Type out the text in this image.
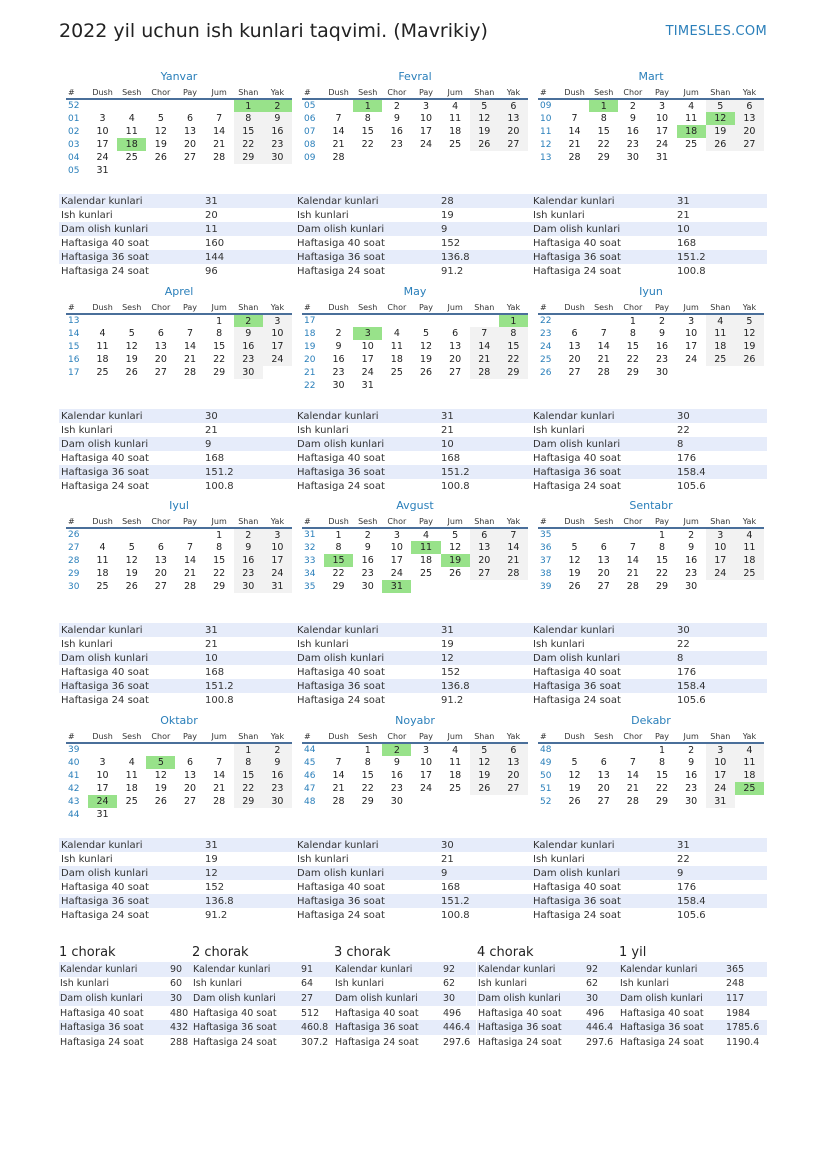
2022 yil uchun ish kunlari taqvimi. (Mavrikiy)	TIMESLES.COM
Yanvar
#	Dush	Sesh	Chor	Pay	Jum	Shan	Yak
52						1	2
01	3	4	5	6	7	8	9
02	10	11	12	13	14	15	16
03	17	18	19	20	21	22	23
04	24	25	26	27	28	29	30
05	31						
Kalendar kunlari	31
Ish kunlari	20
Dam olish kunlari	11
Haftasiga 40 soat	160
Haftasiga 36 soat	144
Haftasiga 24 soat	96
Fevral
#	Dush	Sesh	Chor	Pay	Jum	Shan	Yak
05		1	2	3	4	5	6
06	7	8	9	10	11	12	13
07	14	15	16	17	18	19	20
08	21	22	23	24	25	26	27
09	28						
Kalendar kunlari	28
Ish kunlari	19
Dam olish kunlari	9
Haftasiga 40 soat	152
Haftasiga 36 soat	136.8
Haftasiga 24 soat	91.2
Mart
#	Dush	Sesh	Chor	Pay	Jum	Shan	Yak
09		1	2	3	4	5	6
10	7	8	9	10	11	12	13
11	14	15	16	17	18	19	20
12	21	22	23	24	25	26	27
13	28	29	30	31			
Kalendar kunlari	31
Ish kunlari	21
Dam olish kunlari	10
Haftasiga 40 soat	168
Haftasiga 36 soat	151.2
Haftasiga 24 soat	100.8
Aprel
#	Dush	Sesh	Chor	Pay	Jum	Shan	Yak
13					1	2	3
14	4	5	6	7	8	9	10
15	11	12	13	14	15	16	17
16	18	19	20	21	22	23	24
17	25	26	27	28	29	30	
Kalendar kunlari	30
Ish kunlari	21
Dam olish kunlari	9
Haftasiga 40 soat	168
Haftasiga 36 soat	151.2
Haftasiga 24 soat	100.8
May
#	Dush	Sesh	Chor	Pay	Jum	Shan	Yak
17							1
18	2	3	4	5	6	7	8
19	9	10	11	12	13	14	15
20	16	17	18	19	20	21	22
21	23	24	25	26	27	28	29
22	30	31					
Kalendar kunlari	31
Ish kunlari	21
Dam olish kunlari	10
Haftasiga 40 soat	168
Haftasiga 36 soat	151.2
Haftasiga 24 soat	100.8
Iyun
#	Dush	Sesh	Chor	Pay	Jum	Shan	Yak
22			1	2	3	4	5
23	6	7	8	9	10	11	12
24	13	14	15	16	17	18	19
25	20	21	22	23	24	25	26
26	27	28	29	30			
Kalendar kunlari	30
Ish kunlari	22
Dam olish kunlari	8
Haftasiga 40 soat	176
Haftasiga 36 soat	158.4
Haftasiga 24 soat	105.6
Iyul
#	Dush	Sesh	Chor	Pay	Jum	Shan	Yak
26					1	2	3
27	4	5	6	7	8	9	10
28	11	12	13	14	15	16	17
29	18	19	20	21	22	23	24
30	25	26	27	28	29	30	31
Kalendar kunlari	31
Ish kunlari	21
Dam olish kunlari	10
Haftasiga 40 soat	168
Haftasiga 36 soat	151.2
Haftasiga 24 soat	100.8
Avgust
#	Dush	Sesh	Chor	Pay	Jum	Shan	Yak
31	1	2	3	4	5	6	7
32	8	9	10	11	12	13	14
33	15	16	17	18	19	20	21
34	22	23	24	25	26	27	28
35	29	30	31				
Kalendar kunlari	31
Ish kunlari	19
Dam olish kunlari	12
Haftasiga 40 soat	152
Haftasiga 36 soat	136.8
Haftasiga 24 soat	91.2
Sentabr
#	Dush	Sesh	Chor	Pay	Jum	Shan	Yak
35				1	2	3	4
36	5	6	7	8	9	10	11
37	12	13	14	15	16	17	18
38	19	20	21	22	23	24	25
39	26	27	28	29	30		
Kalendar kunlari	30
Ish kunlari	22
Dam olish kunlari	8
Haftasiga 40 soat	176
Haftasiga 36 soat	158.4
Haftasiga 24 soat	105.6
Oktabr
#	Dush	Sesh	Chor	Pay	Jum	Shan	Yak
39						1	2
40	3	4	5	6	7	8	9
41	10	11	12	13	14	15	16
42	17	18	19	20	21	22	23
43	24	25	26	27	28	29	30
44	31						
Kalendar kunlari	31
Ish kunlari	19
Dam olish kunlari	12
Haftasiga 40 soat	152
Haftasiga 36 soat	136.8
Haftasiga 24 soat	91.2
Noyabr
#	Dush	Sesh	Chor	Pay	Jum	Shan	Yak
44		1	2	3	4	5	6
45	7	8	9	10	11	12	13
46	14	15	16	17	18	19	20
47	21	22	23	24	25	26	27
48	28	29	30				
Kalendar kunlari	30
Ish kunlari	21
Dam olish kunlari	9
Haftasiga 40 soat	168
Haftasiga 36 soat	151.2
Haftasiga 24 soat	100.8
Dekabr
#	Dush	Sesh	Chor	Pay	Jum	Shan	Yak
48				1	2	3	4
49	5	6	7	8	9	10	11
50	12	13	14	15	16	17	18
51	19	20	21	22	23	24	25
52	26	27	28	29	30	31	
Kalendar kunlari	31
Ish kunlari	22
Dam olish kunlari	9
Haftasiga 40 soat	176
Haftasiga 36 soat	158.4
Haftasiga 24 soat	105.6
1 chorak
Kalendar kunlari	90
Ish kunlari	60
Dam olish kunlari	30
Haftasiga 40 soat	480
Haftasiga 36 soat	432
Haftasiga 24 soat	288
2 chorak
Kalendar kunlari	91
Ish kunlari	64
Dam olish kunlari	27
Haftasiga 40 soat	512
Haftasiga 36 soat	460.8
Haftasiga 24 soat	307.2
3 chorak
Kalendar kunlari	92
Ish kunlari	62
Dam olish kunlari	30
Haftasiga 40 soat	496
Haftasiga 36 soat	446.4
Haftasiga 24 soat	297.6
4 chorak
Kalendar kunlari	92
Ish kunlari	62
Dam olish kunlari	30
Haftasiga 40 soat	496
Haftasiga 36 soat	446.4
Haftasiga 24 soat	297.6
1 yil
Kalendar kunlari	365
Ish kunlari	248
Dam olish kunlari	117
Haftasiga 40 soat	1984
Haftasiga 36 soat	1785.6
Haftasiga 24 soat	1190.4
